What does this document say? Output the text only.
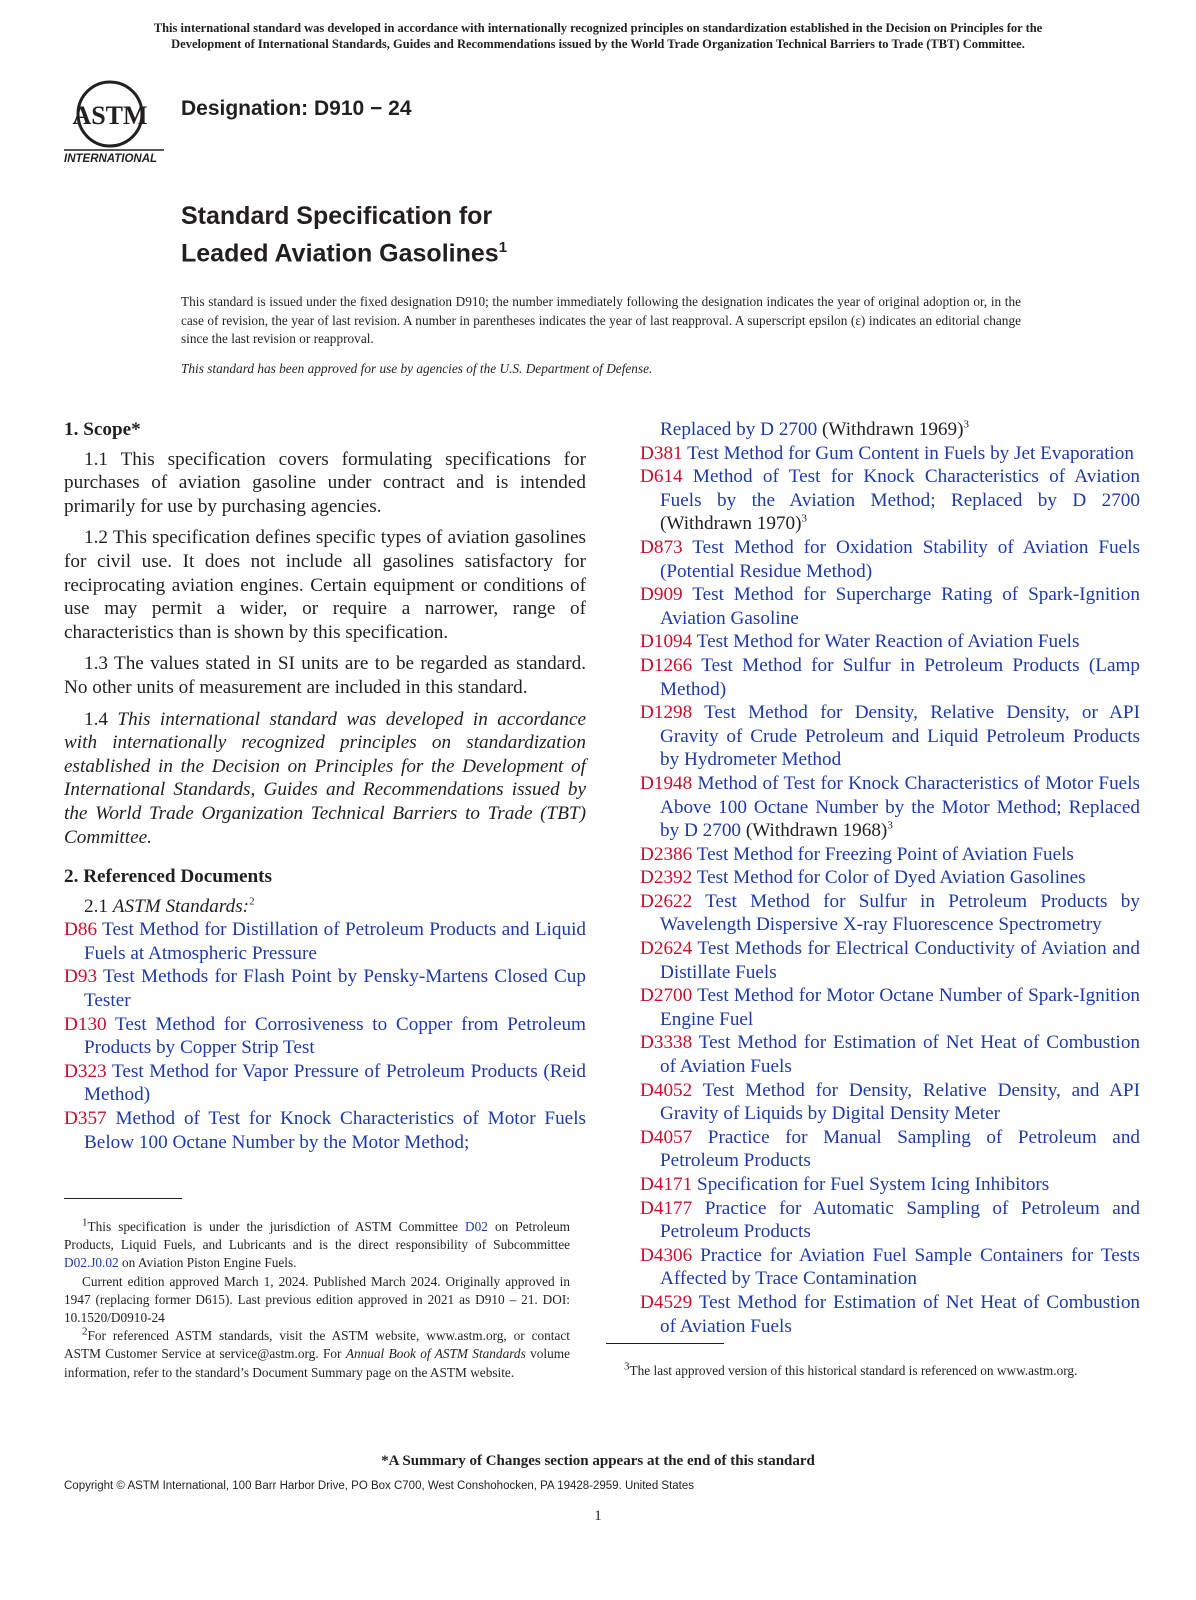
This international standard was developed in accordance with internationally recognized principles on standardization established in the Decision on Principles for the

Development of International Standards, Guides and Recommendations issued by the World Trade Organization Technical Barriers to Trade (TBT) Committee.

ASTM
INTERNATIONAL
Designation: D910 − 24
Standard Specification for
Leaded Aviation Gasolines$^1$

This standard is issued under the fixed designation D910; the number immediately following the designation indicates the year of original adoption or, in the case of revision, the year of last revision. A number in parentheses indicates the year of last reapproval. A superscript epsilon (ε) indicates an editorial change since the last revision or reapproval.

This standard has been approved for use by agencies of the U.S. Department of Defense.

1. Scope*

1.1 This specification covers formulating specifications for purchases of aviation gasoline under contract and is intended primarily for use by purchasing agencies.

1.2 This specification defines specific types of aviation gasolines for civil use. It does not include all gasolines satisfactory for reciprocating aviation engines. Certain equipment or conditions of use may permit a wider, or require a narrower, range of characteristics than is shown by this specification.

1.3 The values stated in SI units are to be regarded as standard. No other units of measurement are included in this standard.

1.4 This international standard was developed in accordance with internationally recognized principles on standardization established in the Decision on Principles for the Development of International Standards, Guides and Recommendations issued by the World Trade Organization Technical Barriers to Trade (TBT) Committee.

2. Referenced Documents

2.1 ASTM Standards:$^2$

D86 Test Method for Distillation of Petroleum Products and Liquid Fuels at Atmospheric Pressure

D93 Test Methods for Flash Point by Pensky-Martens Closed Cup Tester

D130 Test Method for Corrosiveness to Copper from Petroleum Products by Copper Strip Test

D323 Test Method for Vapor Pressure of Petroleum Products (Reid Method)

D357 Method of Test for Knock Characteristics of Motor Fuels Below 100 Octane Number by the Motor Method;

Replaced by D 2700 (Withdrawn 1969)$^3$

D381 Test Method for Gum Content in Fuels by Jet Evaporation

D614 Method of Test for Knock Characteristics of Aviation Fuels by the Aviation Method; Replaced by D 2700 (Withdrawn 1970)$^3$

D873 Test Method for Oxidation Stability of Aviation Fuels (Potential Residue Method)

D909 Test Method for Supercharge Rating of Spark-Ignition Aviation Gasoline

D1094 Test Method for Water Reaction of Aviation Fuels

D1266 Test Method for Sulfur in Petroleum Products (Lamp Method)

D1298 Test Method for Density, Relative Density, or API Gravity of Crude Petroleum and Liquid Petroleum Products by Hydrometer Method

D1948 Method of Test for Knock Characteristics of Motor Fuels Above 100 Octane Number by the Motor Method; Replaced by D 2700 (Withdrawn 1968)$^3$

D2386 Test Method for Freezing Point of Aviation Fuels

D2392 Test Method for Color of Dyed Aviation Gasolines

D2622 Test Method for Sulfur in Petroleum Products by Wavelength Dispersive X-ray Fluorescence Spectrometry

D2624 Test Methods for Electrical Conductivity of Aviation and Distillate Fuels

D2700 Test Method for Motor Octane Number of Spark-Ignition Engine Fuel

D3338 Test Method for Estimation of Net Heat of Combustion of Aviation Fuels

D4052 Test Method for Density, Relative Density, and API Gravity of Liquids by Digital Density Meter

D4057 Practice for Manual Sampling of Petroleum and Petroleum Products

D4171 Specification for Fuel System Icing Inhibitors

D4177 Practice for Automatic Sampling of Petroleum and Petroleum Products

D4306 Practice for Aviation Fuel Sample Containers for Tests Affected by Trace Contamination

D4529 Test Method for Estimation of Net Heat of Combustion of Aviation Fuels

$^1$This specification is under the jurisdiction of ASTM Committee D02 on Petroleum Products, Liquid Fuels, and Lubricants and is the direct responsibility of Subcommittee D02.J0.02 on Aviation Piston Engine Fuels.

Current edition approved March 1, 2024. Published March 2024. Originally approved in 1947 (replacing former D615). Last previous edition approved in 2021 as D910 – 21. DOI: 10.1520/D0910-24

$^2$For referenced ASTM standards, visit the ASTM website, www.astm.org, or contact ASTM Customer Service at service@astm.org. For Annual Book of ASTM Standards volume information, refer to the standard’s Document Summary page on the ASTM website.	$^3$The last approved version of this historical standard is referenced on www.astm.org.

*A Summary of Changes section appears at the end of this standard
Copyright © ASTM International, 100 Barr Harbor Drive, PO Box C700, West Conshohocken, PA 19428-2959. United States
1
